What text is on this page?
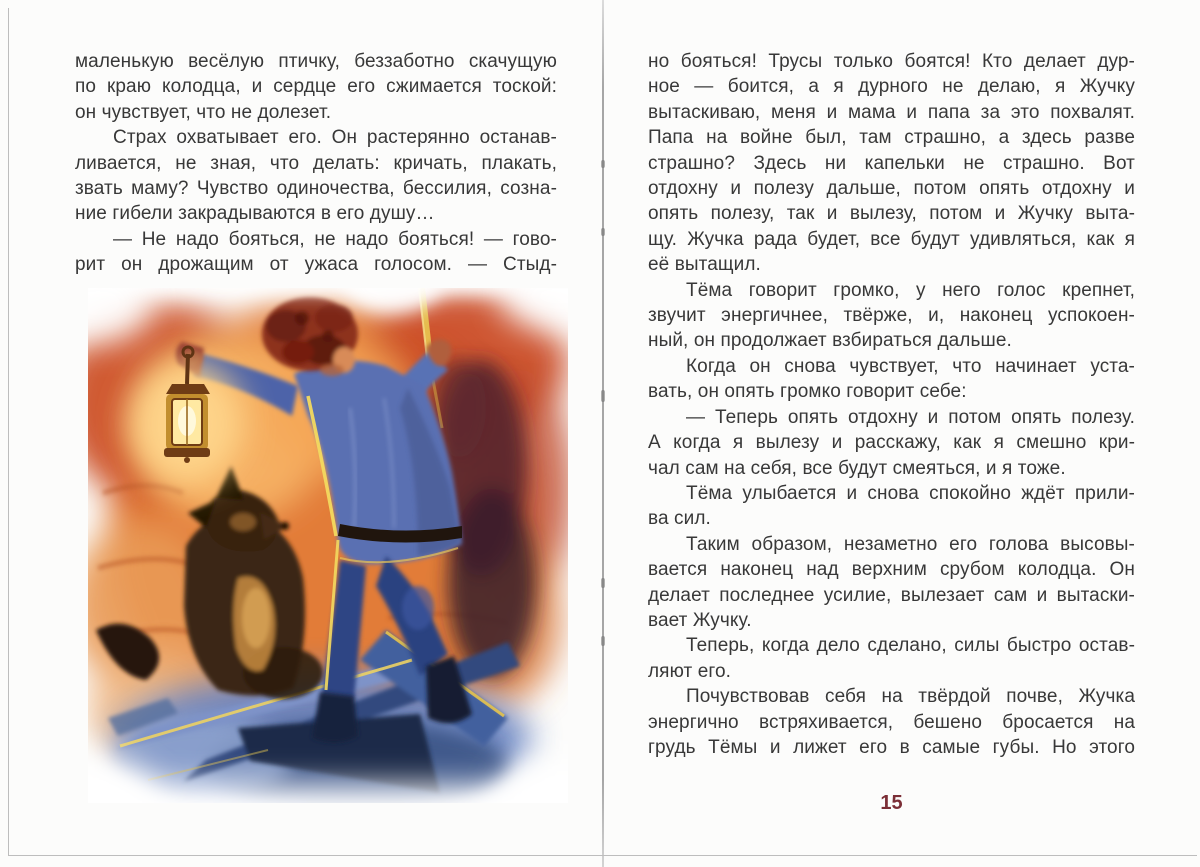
маленькую весёлую птичку, беззаботно скачущую
по краю колодца, и сердце его сжимается тоской:
он чувствует, что не долезет.
Страх охватывает его. Он растерянно останав-
ливается, не зная, что делать: кричать, плакать,
звать маму? Чувство одиночества, бессилия, созна-
ние гибели закрадываются в его душу…
— Не надо бояться, не надо бояться! — гово-
рит он дрожащим от ужаса голосом. — Стыд-
но бояться! Трусы только боятся! Кто делает дур-
ное — боится, а я дурного не делаю, я Жучку
вытаскиваю, меня и мама и папа за это похвалят.
Папа на войне был, там страшно, а здесь разве
страшно? Здесь ни капельки не страшно. Вот
отдохну и полезу дальше, потом опять отдохну и
опять полезу, так и вылезу, потом и Жучку выта-
щу. Жучка рада будет, все будут удивляться, как я
её вытащил.
Тёма говорит громко, у него голос крепнет,
звучит энергичнее, твёрже, и, наконец успокоен-
ный, он продолжает взбираться дальше.
Когда он снова чувствует, что начинает уста-
вать, он опять громко говорит себе:
— Теперь опять отдохну и потом опять полезу.
А когда я вылезу и расскажу, как я смешно кри-
чал сам на себя, все будут смеяться, и я тоже.
Тёма улыбается и снова спокойно ждёт прили-
ва сил.
Таким образом, незаметно его голова высовы-
вается наконец над верхним срубом колодца. Он
делает последнее усилие, вылезает сам и вытаски-
вает Жучку.
Теперь, когда дело сделано, силы быстро остав-
ляют его.
Почувствовав себя на твёрдой почве, Жучка
энергично встряхивается, бешено бросается на
грудь Тёмы и лижет его в самые губы. Но этого
15
